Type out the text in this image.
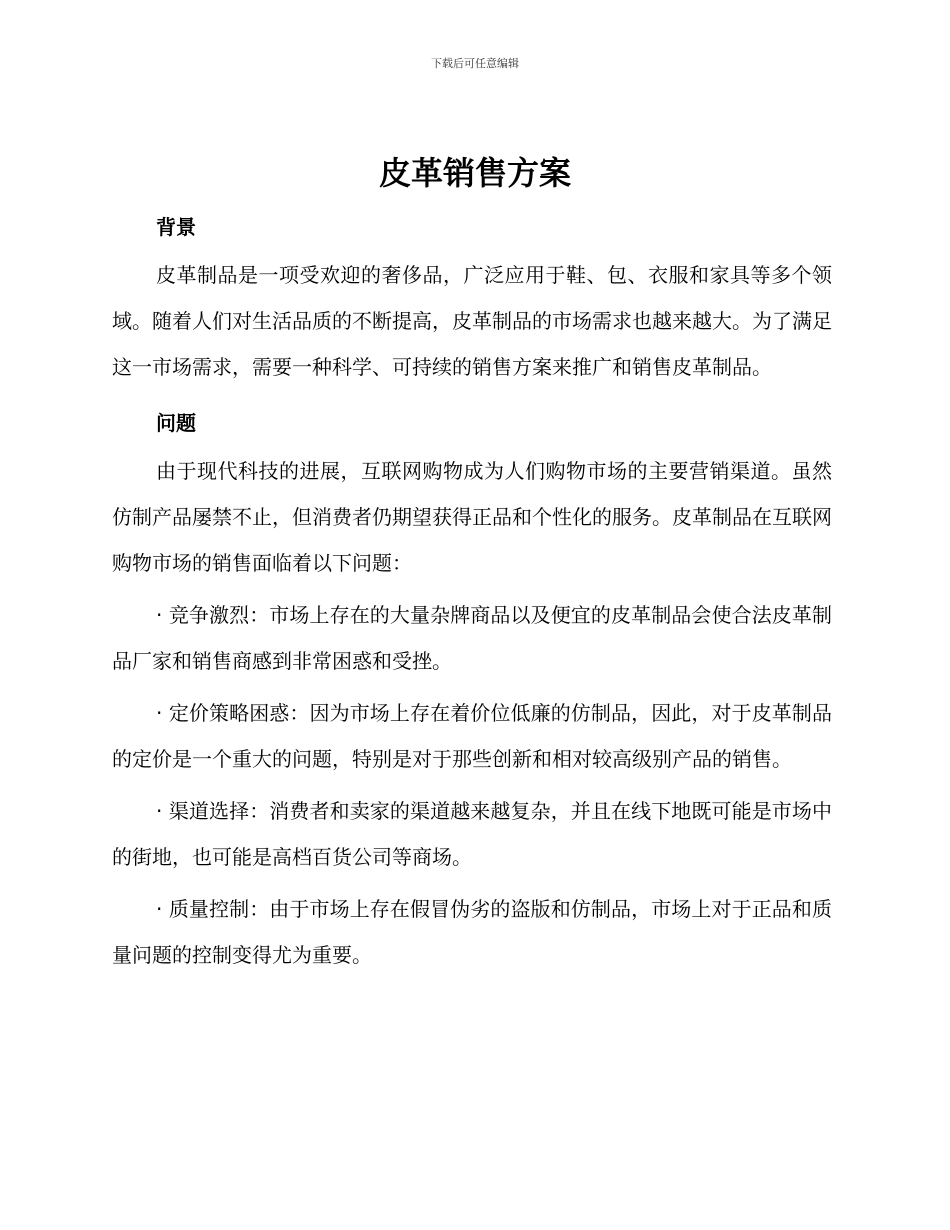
下载后可任意编辑
皮革销售方案

背景

皮革制品是一项受欢迎的奢侈品，广泛应用于鞋、包、衣服和家具等多个领域。随着人们对生活品质的不断提高，皮革制品的市场需求也越来越大。为了满足这一市场需求，需要一种科学、可持续的销售方案来推广和销售皮革制品。

问题

由于现代科技的进展，互联网购物成为人们购物市场的主要营销渠道。虽然仿制产品屡禁不止，但消费者仍期望获得正品和个性化的服务。皮革制品在互联网购物市场的销售面临着以下问题：

· 竞争激烈：市场上存在的大量杂牌商品以及便宜的皮革制品会使合法皮革制品厂家和销售商感到非常困惑和受挫。

· 定价策略困惑：因为市场上存在着价位低廉的仿制品，因此，对于皮革制品的定价是一个重大的问题，特别是对于那些创新和相对较高级别产品的销售。

· 渠道选择：消费者和卖家的渠道越来越复杂，并且在线下地既可能是市场中的街地，也可能是高档百货公司等商场。

· 质量控制：由于市场上存在假冒伪劣的盗版和仿制品，市场上对于正品和质量问题的控制变得尤为重要。
